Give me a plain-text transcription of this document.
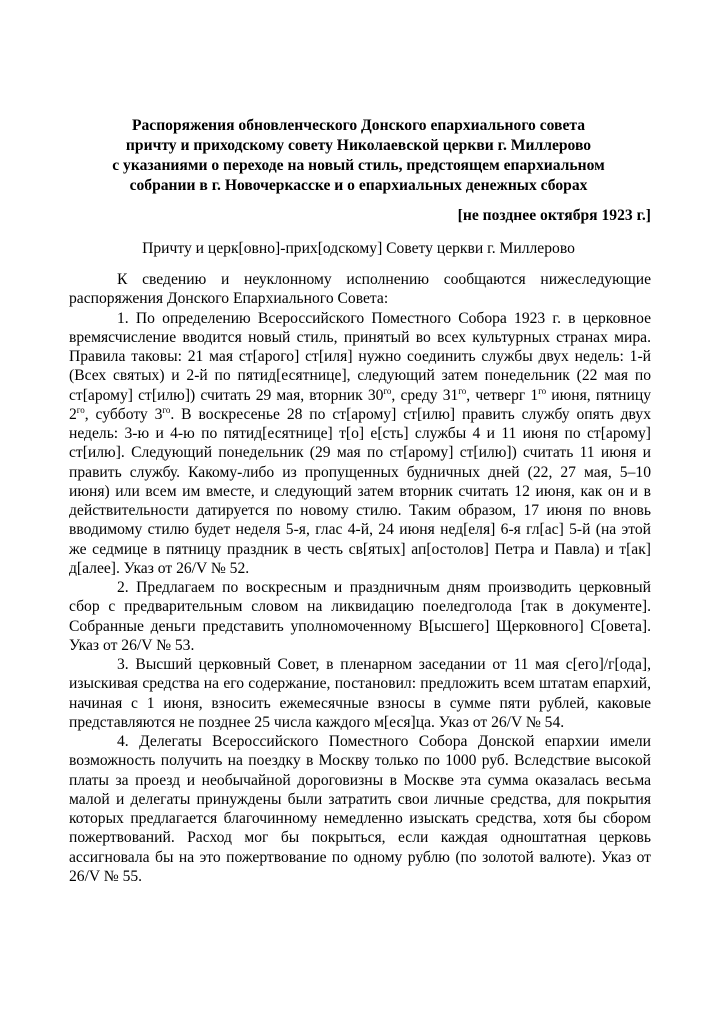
Распоряжения обновленческого Донского епархиального совета
причту и приходскому совету Николаевской церкви г. Миллерово
с указаниями о переходе на новый стиль, предстоящем епархиальном
собрании в г. Новочеркасске и о епархиальных денежных сборах
[не позднее октября 1923 г.]
Причту и церк[овно]-прих[одскому] Совету церкви г. Миллерово

К сведению и неуклонному исполнению сообщаются нижеследующие распоряжения Донского Епархиального Совета:

1. По определению Всероссийского Поместного Собора 1923 г. в церковное времясчисление вводится новый стиль, принятый во всех культурных странах мира. Правила таковы: 21 мая ст[арого] ст[иля] нужно соединить службы двух недель: 1-й (Всех святых) и 2-й по пятид[есятнице], следующий затем понедельник (22 мая по ст[арому] ст[илю]) считать 29 мая, вторник $30^{го}$, среду $31^{го}$, четверг $1^{го}$ июня, пятницу $2^{го}$, субботу $3^{го}$. В воскресенье 28 по ст[арому] ст[илю] править службу опять двух недель: 3-ю и 4-ю по пятид[есятнице] т[о] е[сть] службы 4 и 11 июня по ст[арому] ст[илю]. Следующий понедельник (29 мая по ст[арому] ст[илю]) считать 11 июня и править службу. Какому-либо из пропущенных будничных дней (22, 27 мая, 5–10 июня) или всем им вместе, и следующий затем вторник считать 12 июня, как он и в действительности датируется по новому стилю. Таким образом, 17 июня по вновь вводимому стилю будет неделя 5-я, глас 4-й, 24 июня нед[еля] 6-я гл[ас] 5-й (на этой же седмице в пятницу праздник в честь св[ятых] ап[остолов] Петра и Павла) и т[ак] д[алее]. Указ от 26/V № 52.

2. Предлагаем по воскресным и праздничным дням производить церковный сбор с предварительным словом на ликвидацию поеледголода [так в документе]. Собранные деньги представить уполномоченному В[ысшего] Щерковного] С[овета]. Указ от 26/V № 53.

3. Высший церковный Совет, в пленарном заседании от 11 мая с[его]/г[ода], изыскивая средства на его содержание, постановил: предложить всем штатам епархий, начиная с 1 июня, взносить ежемесячные взносы в сумме пяти рублей, каковые представляются не позднее 25 числа каждого м[еся]ца. Указ от 26/V № 54.

4. Делегаты Всероссийского Поместного Собора Донской епархии имели возможность получить на поездку в Москву только по 1000 руб. Вследствие высокой платы за проезд и необычайной дороговизны в Москве эта сумма оказалась весьма малой и делегаты принуждены были затратить свои личные средства, для покрытия которых предлагается благочинному немедленно изыскать средства, хотя бы сбором пожертвований. Расход мог бы покрыться, если каждая одноштатная церковь ассигновала бы на это пожертвование по одному рублю (по золотой валюте). Указ от 26/V № 55.
